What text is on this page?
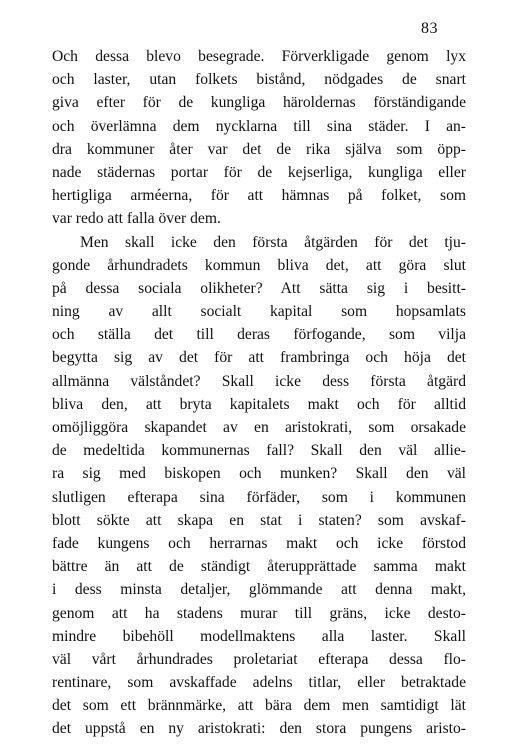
83
Och dessa blevo besegrade. Förverkligade genom lyx
och laster, utan folkets bistånd, nödgades de snart
giva efter för de kungliga häroldernas förständigande
och överlämna dem nycklarna till sina städer. I an-
dra kommuner åter var det de rika själva som öpp-
nade städernas portar för de kejserliga, kungliga eller
hertigliga arméerna, för att hämnas på folket, som
var redo att falla över dem.
Men skall icke den första åtgärden för det tju-
gonde århundradets kommun bliva det, att göra slut
på dessa sociala olikheter? Att sätta sig i besitt-
ning av allt socialt kapital som hopsamlats
och ställa det till deras förfogande, som vilja
begytta sig av det för att frambringa och höja det
allmänna välståndet? Skall icke dess första åtgärd
bliva den, att bryta kapitalets makt och för alltid
omöjliggöra skapandet av en aristokrati, som orsakade
de medeltida kommunernas fall? Skall den väl allie-
ra sig med biskopen och munken? Skall den väl
slutligen efterapa sina förfäder, som i kommunen
blott sökte att skapa en stat i staten? som avskaf-
fade kungens och herrarnas makt och icke förstod
bättre än att de ständigt återupprättade samma makt
i dess minsta detaljer, glömmande att denna makt,
genom att ha stadens murar till gräns, icke desto-
mindre bibehöll modellmaktens alla laster. Skall
väl vårt århundrades proletariat efterapa dessa flo-
rentinare, som avskaffade adelns titlar, eller betraktade
det som ett brännmärke, att bära dem men samtidigt lät
det uppstå en ny aristokrati: den stora pungens aristo-
